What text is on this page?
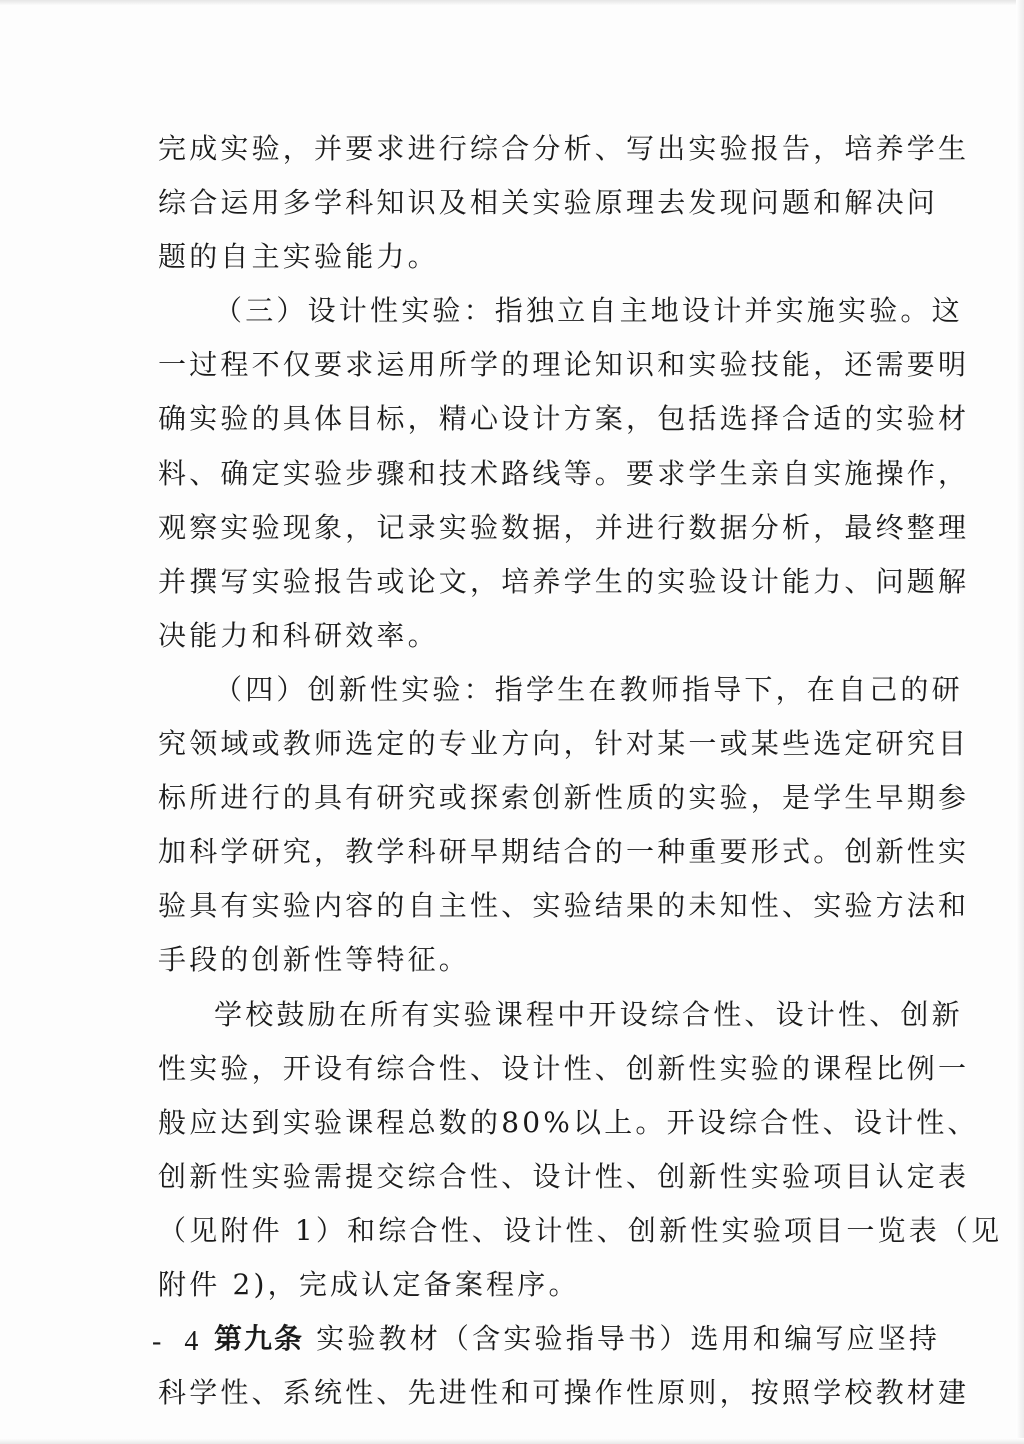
完成实验，并要求进行综合分析、写出实验报告，培养学生
综合运用多学科知识及相关实验原理去发现问题和解决问
题的自主实验能力。

（三）设计性实验：指独立自主地设计并实施实验。这
一过程不仅要求运用所学的理论知识和实验技能，还需要明
确实验的具体目标，精心设计方案，包括选择合适的实验材
料、确定实验步骤和技术路线等。要求学生亲自实施操作，
观察实验现象，记录实验数据，并进行数据分析，最终整理
并撰写实验报告或论文，培养学生的实验设计能力、问题解
决能力和科研效率。

（四）创新性实验：指学生在教师指导下，在自己的研
究领域或教师选定的专业方向，针对某一或某些选定研究目
标所进行的具有研究或探索创新性质的实验，是学生早期参
加科学研究，教学科研早期结合的一种重要形式。创新性实
验具有实验内容的自主性、实验结果的未知性、实验方法和
手段的创新性等特征。

学校鼓励在所有实验课程中开设综合性、设计性、创新
性实验，开设有综合性、设计性、创新性实验的课程比例一
般应达到实验课程总数的80%以上。开设综合性、设计性、
创新性实验需提交综合性、设计性、创新性实验项目认定表
（见附件 1）和综合性、设计性、创新性实验项目一览表（见
附件 2)，完成认定备案程序。

第九条 实验教材（含实验指导书）选用和编写应坚持
科学性、系统性、先进性和可操作性原则，按照学校教材建

- 4 -
